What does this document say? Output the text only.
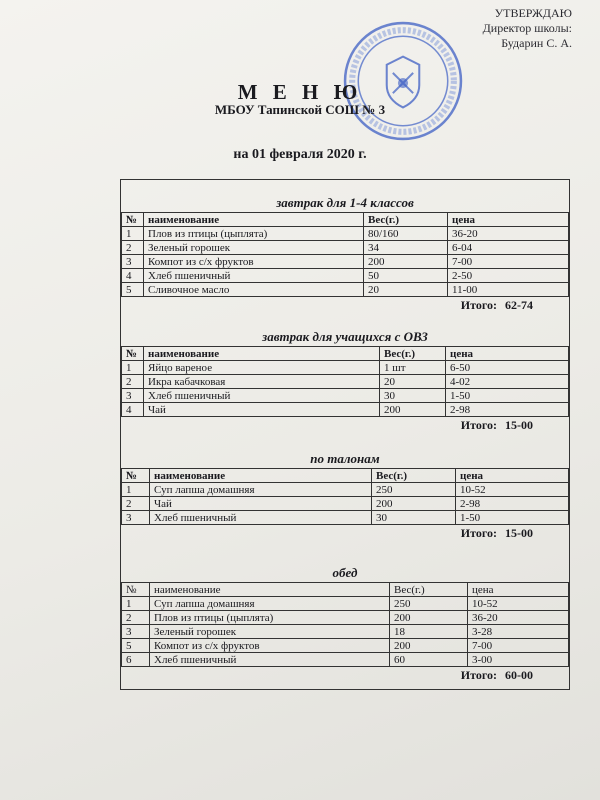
УТВЕРЖДАЮ
Директор школы:
Бударин С. А.
М Е Н Ю
МБОУ Тапинской СОШ № 3
на 01 февраля 2020 г.
завтрак для 1-4 классов
№	наименование	Вес(г.)	цена
1	Плов из птицы (цыплята)	80/160	36-20
2	Зеленый горошек	34	6-04
3	Компот из с/х фруктов	200	7-00
4	Хлеб пшеничный	50	2-50
5	Сливочное масло	20	11-00
Итого: 62-74
завтрак для учащихся с ОВЗ
№	наименование	Вес(г.)	цена
1	Яйцо вареное	1 шт	6-50
2	Икра кабачковая	20	4-02
3	Хлеб пшеничный	30	1-50
4	Чай	200	2-98
Итого: 15-00
по талонам
№	наименование	Вес(г.)	цена
1	Суп лапша домашняя	250	10-52
2	Чай	200	2-98
3	Хлеб пшеничный	30	1-50
Итого: 15-00
обед
№	наименование	Вес(г.)	цена
1	Суп лапша домашняя	250	10-52
2	Плов из птицы (цыплята)	200	36-20
3	Зеленый горошек	18	3-28
5	Компот из с/х фруктов	200	7-00
6	Хлеб пшеничный	60	3-00
Итого: 60-00
